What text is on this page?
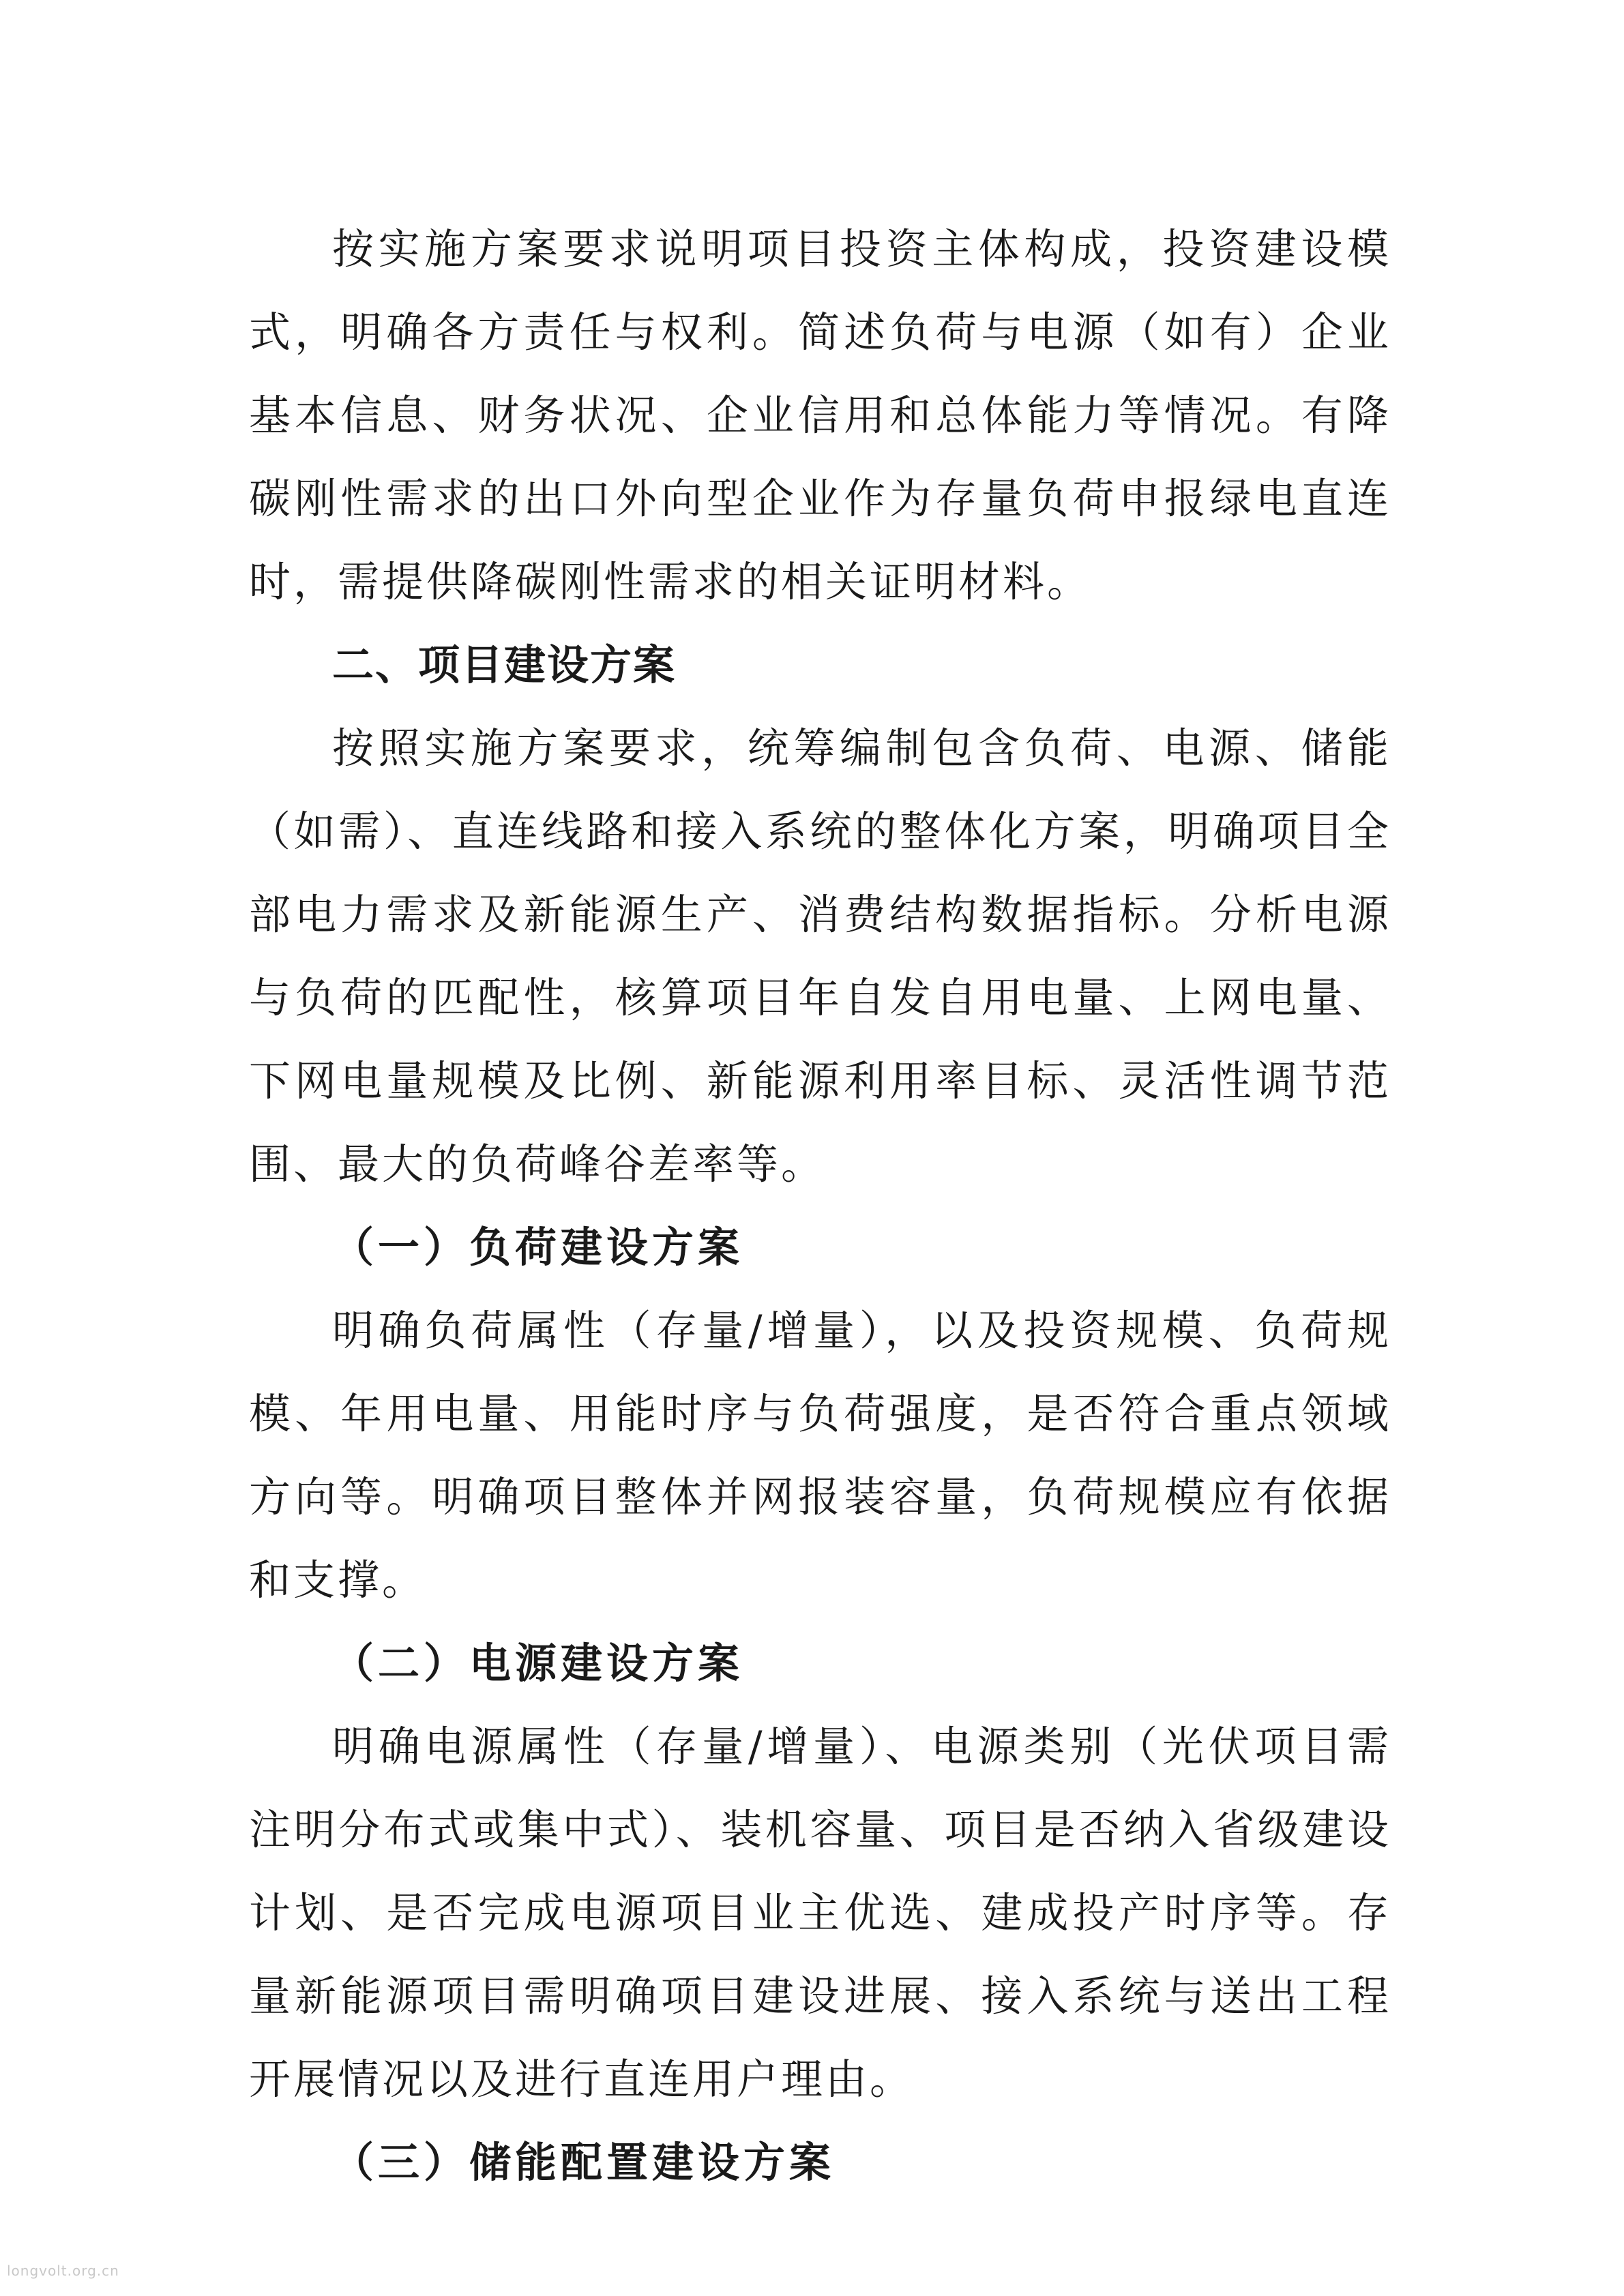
按实施方案要求说明项目投资主体构成，投资建设模式，明确各方责任与权利。简述负荷与电源（如有）企业基本信息、财务状况、企业信用和总体能力等情况。有降碳刚性需求的出口外向型企业作为存量负荷申报绿电直连时，需提供降碳刚性需求的相关证明材料。

二、项目建设方案

按照实施方案要求，统筹编制包含负荷、电源、储能（如需）、直连线路和接入系统的整体化方案，明确项目全部电力需求及新能源生产、消费结构数据指标。分析电源与负荷的匹配性，核算项目年自发自用电量、上网电量、下网电量规模及比例、新能源利用率目标、灵活性调节范围、最大的负荷峰谷差率等。

（一）负荷建设方案

明确负荷属性（存量/增量），以及投资规模、负荷规模、年用电量、用能时序与负荷强度，是否符合重点领域方向等。明确项目整体并网报装容量，负荷规模应有依据和支撑。

（二）电源建设方案

明确电源属性（存量/增量）、电源类别（光伏项目需注明分布式或集中式）、装机容量、项目是否纳入省级建设计划、是否完成电源项目业主优选、建成投产时序等。存量新能源项目需明确项目建设进展、接入系统与送出工程开展情况以及进行直连用户理由。

（三）储能配置建设方案

longvolt.org.cn
